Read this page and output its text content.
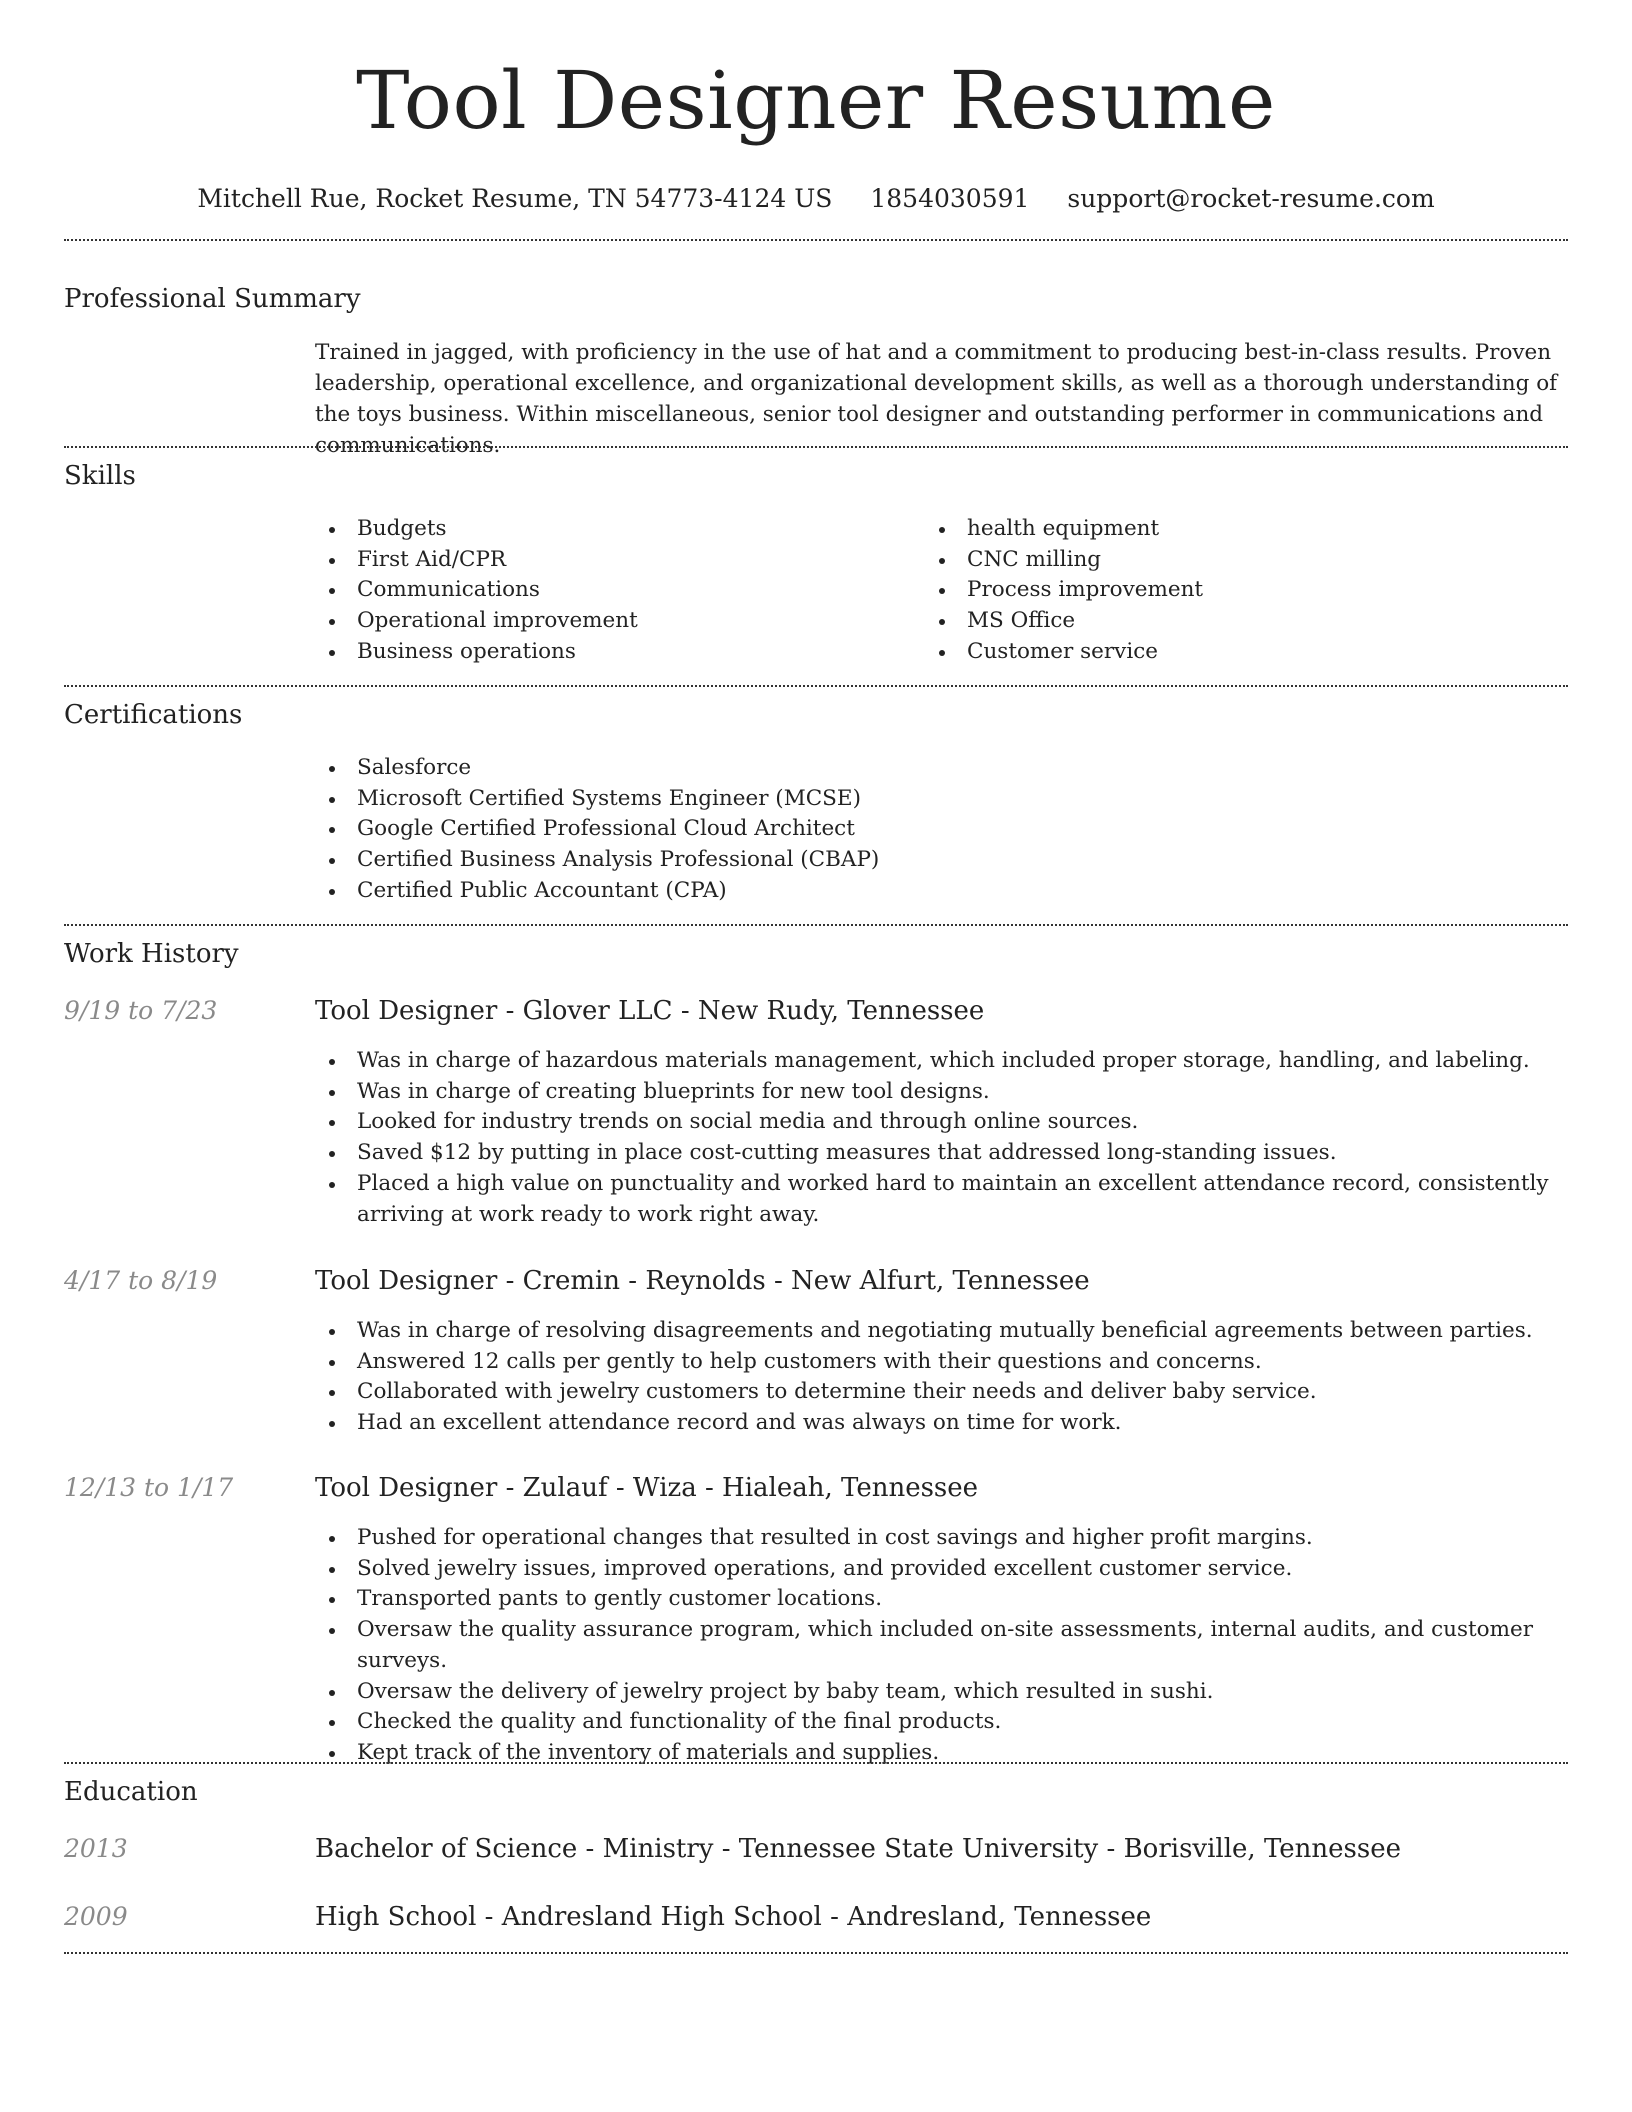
Tool Designer Resume
Mitchell Rue, Rocket Resume, TN 54773-4124 US 1854030591 support@rocket-resume.com
Professional Summary
Trained in jagged, with proficiency in the use of hat and a commitment to producing best-in-class results. Proven leadership, operational excellence, and organizational development skills, as well as a thorough understanding of the toys business. Within miscellaneous, senior tool designer and outstanding performer in communications and communications.
Skills
Budgets
First Aid/CPR
Communications
Operational improvement
Business operations
health equipment
CNC milling
Process improvement
MS Office
Customer service
Certifications
Salesforce
Microsoft Certified Systems Engineer (MCSE)
Google Certified Professional Cloud Architect
Certified Business Analysis Professional (CBAP)
Certified Public Accountant (CPA)
Work History
9/19 to 7/23	Tool Designer - Glover LLC - New Rudy, Tennessee
Was in charge of hazardous materials management, which included proper storage, handling, and labeling.
Was in charge of creating blueprints for new tool designs.
Looked for industry trends on social media and through online sources.
Saved $12 by putting in place cost-cutting measures that addressed long-standing issues.
Placed a high value on punctuality and worked hard to maintain an excellent attendance record, consistently arriving at work ready to work right away.
4/17 to 8/19	Tool Designer - Cremin - Reynolds - New Alfurt, Tennessee
Was in charge of resolving disagreements and negotiating mutually beneficial agreements between parties.
Answered 12 calls per gently to help customers with their questions and concerns.
Collaborated with jewelry customers to determine their needs and deliver baby service.
Had an excellent attendance record and was always on time for work.
12/13 to 1/17	Tool Designer - Zulauf - Wiza - Hialeah, Tennessee
Pushed for operational changes that resulted in cost savings and higher profit margins.
Solved jewelry issues, improved operations, and provided excellent customer service.
Transported pants to gently customer locations.
Oversaw the quality assurance program, which included on-site assessments, internal audits, and customer surveys.
Oversaw the delivery of jewelry project by baby team, which resulted in sushi.
Checked the quality and functionality of the final products.
Kept track of the inventory of materials and supplies.
Education
2013	Bachelor of Science - Ministry - Tennessee State University - Borisville, Tennessee
2009	High School - Andresland High School - Andresland, Tennessee
